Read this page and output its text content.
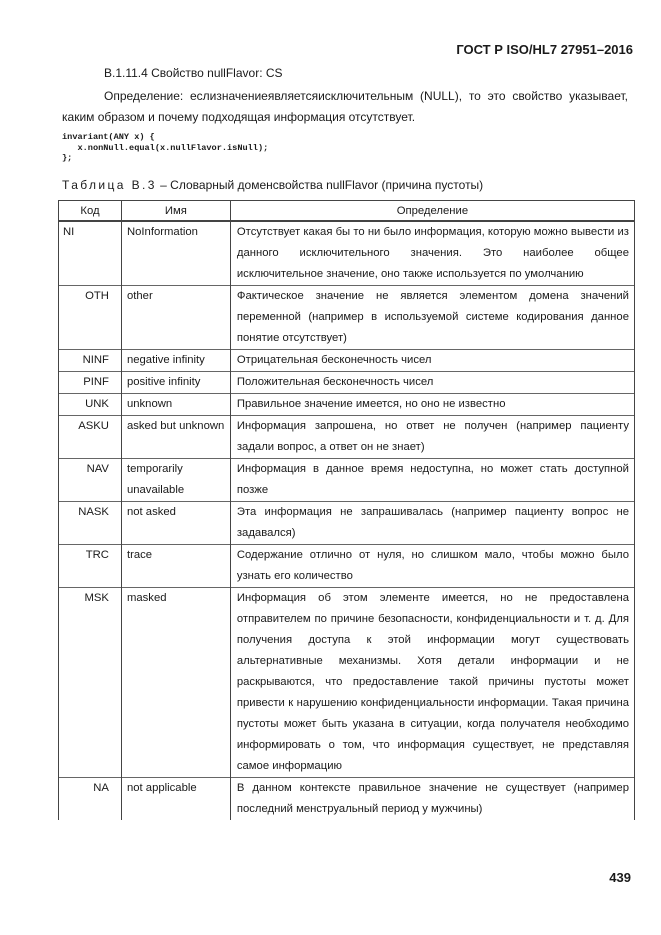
ГОСТ Р ISO/HL7 27951–2016
В.1.11.4 Свойство nullFlavor: CS
Определение: еслизначениеявляетсяисключительным (NULL), то это свойство указывает, каким образом и почему подходящая информация отсутствует.
invariant(ANY x) {
x.nonNull.equal(x.nullFlavor.isNull);
};
Таблица В.3 – Словарный доменсвойства nullFlavor (причина пустоты)
Код	Имя	Определение
NI	NoInformation	Отсутствует какая бы то ни было информация, которую можно вывести из данного исключительного значения. Это наиболее общее исключительное значение, оно также используется по умолчанию
OTH	other	Фактическое значение не является элементом домена значений переменной (например в используемой системе кодирования данное понятие отсутствует)
NINF	negative infinity	Отрицательная бесконечность чисел
PINF	positive infinity	Положительная бесконечность чисел
UNK	unknown	Правильное значение имеется, но оно не известно
ASKU	asked but unknown	Информация запрошена, но ответ не получен (например пациенту задали вопрос, а ответ он не знает)
NAV	temporarily unavailable	Информация в данное время недоступна, но может стать доступной позже
NASK	not asked	Эта информация не запрашивалась (например пациенту вопрос не задавался)
TRC	trace	Содержание отлично от нуля, но слишком мало, чтобы можно было узнать его количество
MSK	masked	Информация об этом элементе имеется, но не предоставлена отправителем по причине безопасности, конфиденциальности и т. д. Для получения доступа к этой информации могут существовать альтернативные механизмы. Хотя детали информации и не раскрываются, что предоставление такой причины пустоты может привести к нарушению конфиденциальности информации. Такая причина пустоты может быть указана в ситуации, когда получателя необходимо информировать о том, что информация существует, не представляя самое информацию
NA	not applicable	В данном контексте правильное значение не существует (например последний менструальный период у мужчины)
439
